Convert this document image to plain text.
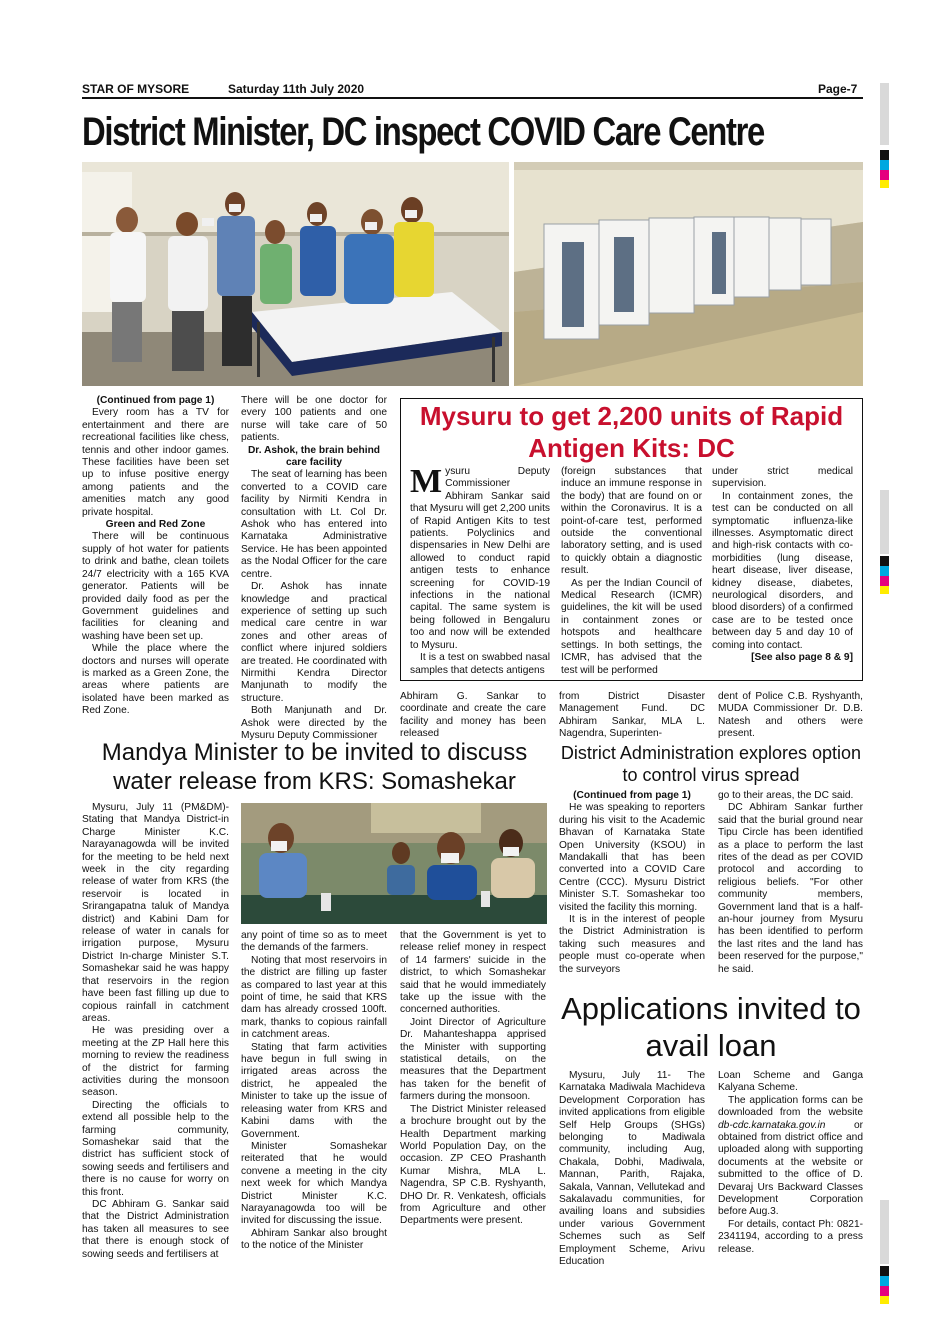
STAR OF MYSORE	Saturday 11th July 2020	Page-7
District Minister, DC inspect COVID Care Centre

(Continued from page 1)

Every room has a TV for entertainment and there are recreational facilities like chess, tennis and other indoor games. These facilities have been set up to infuse positive energy among patients and the amenities match any good private hospital.

Green and Red Zone

There will be continuous supply of hot water for patients to drink and bathe, clean toilets 24/7 electricity with a 165 KVA generator. Patients will be provided daily food as per the Government guidelines and facilities for cleaning and washing have been set up.

While the place where the doctors and nurses will operate is marked as a Green Zone, the areas where patients are isolated have been marked as Red Zone.

There will be one doctor for every 100 patients and one nurse will take care of 50 patients.

Dr. Ashok, the brain behind care facility

The seat of learning has been converted to a COVID care facility by Nirmiti Kendra in consultation with Lt. Col Dr. Ashok who has entered into Karnataka Administrative Service. He has been appointed as the Nodal Officer for the care centre.

Dr. Ashok has innate knowledge and practical experience of setting up such medical care centre in war zones and other areas of conflict where injured soldiers are treated. He coordinated with Nirmithi Kendra Director Manjunath to modify the structure.

Both Manjunath and Dr. Ashok were directed by the Mysuru Deputy Commissioner

Abhiram G. Sankar to coordinate and create the care facility and money has been released

from District Disaster Management Fund. DC Abhiram Sankar, MLA L. Nagendra, Superinten-

dent of Police C.B. Ryshyanth, MUDA Commissioner Dr. D.B. Natesh and others were present.

Mysuru to get 2,200 units of Rapid Antigen Kits: DC

Mysuru Deputy Commissioner Abhiram Sankar said that Mysuru will get 2,200 units of Rapid Antigen Kits to test patients. Polyclinics and dispensaries in New Delhi are allowed to conduct rapid antigen tests to enhance screening for COVID-19 infections in the national capital. The same system is being followed in Bengaluru too and now will be extended to Mysuru.

It is a test on swabbed nasal samples that detects antigens

(foreign substances that induce an immune response in the body) that are found on or within the Coronavirus. It is a point-of-care test, performed outside the conventional laboratory setting, and is used to quickly obtain a diagnostic result.

As per the Indian Council of Medical Research (ICMR) guidelines, the kit will be used in containment zones or hotspots and healthcare settings. In both settings, the ICMR, has advised that the test will be performed

under strict medical supervision.

In containment zones, the test can be conducted on all symptomatic influenza-like illnesses. Asymptomatic direct and high-risk contacts with co-morbidities (lung disease, heart disease, liver disease, kidney disease, diabetes, neurological disorders, and blood disorders) of a confirmed case are to be tested once between day 5 and day 10 of coming into contact.

[See also page 8 & 9]

Mandya Minister to be invited to discuss water release from KRS: Somashekar

Mysuru, July 11 (PM&DM)- Stating that Mandya District-in Charge Minister K.C. Narayanagowda will be invited for the meeting to be held next week in the city regarding release of water from KRS (the reservoir is located in Srirangapatna taluk of Mandya district) and Kabini Dam for release of water in canals for irrigation purpose, Mysuru District In-charge Minister S.T. Somashekar said he was happy that reservoirs in the region have been fast filling up due to copious rainfall in catchment areas.

He was presiding over a meeting at the ZP Hall here this morning to review the readiness of the district for farming activities during the monsoon season.

Directing the officials to extend all possible help to the farming community, Somashekar said that the district has sufficient stock of sowing seeds and fertilisers and there is no cause for worry on this front.

DC Abhiram G. Sankar said that the District Administration has taken all measures to see that there is enough stock of sowing seeds and fertilisers at

any point of time so as to meet the demands of the farmers.

Noting that most reservoirs in the district are filling up faster as compared to last year at this point of time, he said that KRS dam has already crossed 100ft. mark, thanks to copious rainfall in catchment areas.

Stating that farm activities have begun in full swing in irrigated areas across the district, he appealed the Minister to take up the issue of releasing water from KRS and Kabini dams with the Government.

Minister Somashekar reiterated that he would convene a meeting in the city next week for which Mandya District Minister K.C. Narayanagowda too will be invited for discussing the issue.

Abhiram Sankar also brought to the notice of the Minister

that the Government is yet to release relief money in respect of 14 farmers' suicide in the district, to which Somashekar said that he would immediately take up the issue with the concerned authorities.

Joint Director of Agriculture Dr. Mahanteshappa apprised the Minister with supporting statistical details, on the measures that the Department has taken for the benefit of farmers during the monsoon.

The District Minister released a brochure brought out by the Health Department marking World Population Day, on the occasion. ZP CEO Prashanth Kumar Mishra, MLA L. Nagendra, SP C.B. Ryshyanth, DHO Dr. R. Venkatesh, officials from Agriculture and other Departments were present.

District Administration explores option to control virus spread

(Continued from page 1)

He was speaking to reporters during his visit to the Academic Bhavan of Karnataka State Open University (KSOU) in Mandakalli that has been converted into a COVID Care Centre (CCC). Mysuru District Minister S.T. Somashekar too visited the facility this morning.

It is in the interest of people the District Administration is taking such measures and people must co-operate when the surveyors

go to their areas, the DC said.

DC Abhiram Sankar further said that the burial ground near Tipu Circle has been identified as a place to perform the last rites of the dead as per COVID protocol and according to religious beliefs. "For other community members, Government land that is a half-an-hour journey from Mysuru has been identified to perform the last rites and the land has been reserved for the purpose," he said.

Applications invited to avail loan

Mysuru, July 11- The Karnataka Madiwala Machideva Development Corporation has invited applications from eligible Self Help Groups (SHGs) belonging to Madiwala community, including Aug, Chakala, Dobhi, Madiwala, Mannan, Parith, Rajaka, Sakala, Vannan, Vellutekad and Sakalavadu communities, for availing loans and subsidies under various Government Schemes such as Self Employment Scheme, Arivu Education

Loan Scheme and Ganga Kalyana Scheme.

The application forms can be downloaded from the website db-cdc.karnataka.gov.in or obtained from district office and uploaded along with supporting documents at the website or submitted to the office of D. Devaraj Urs Backward Classes Development Corporation before Aug.3.

For details, contact Ph: 0821-2341194, according to a press release.
